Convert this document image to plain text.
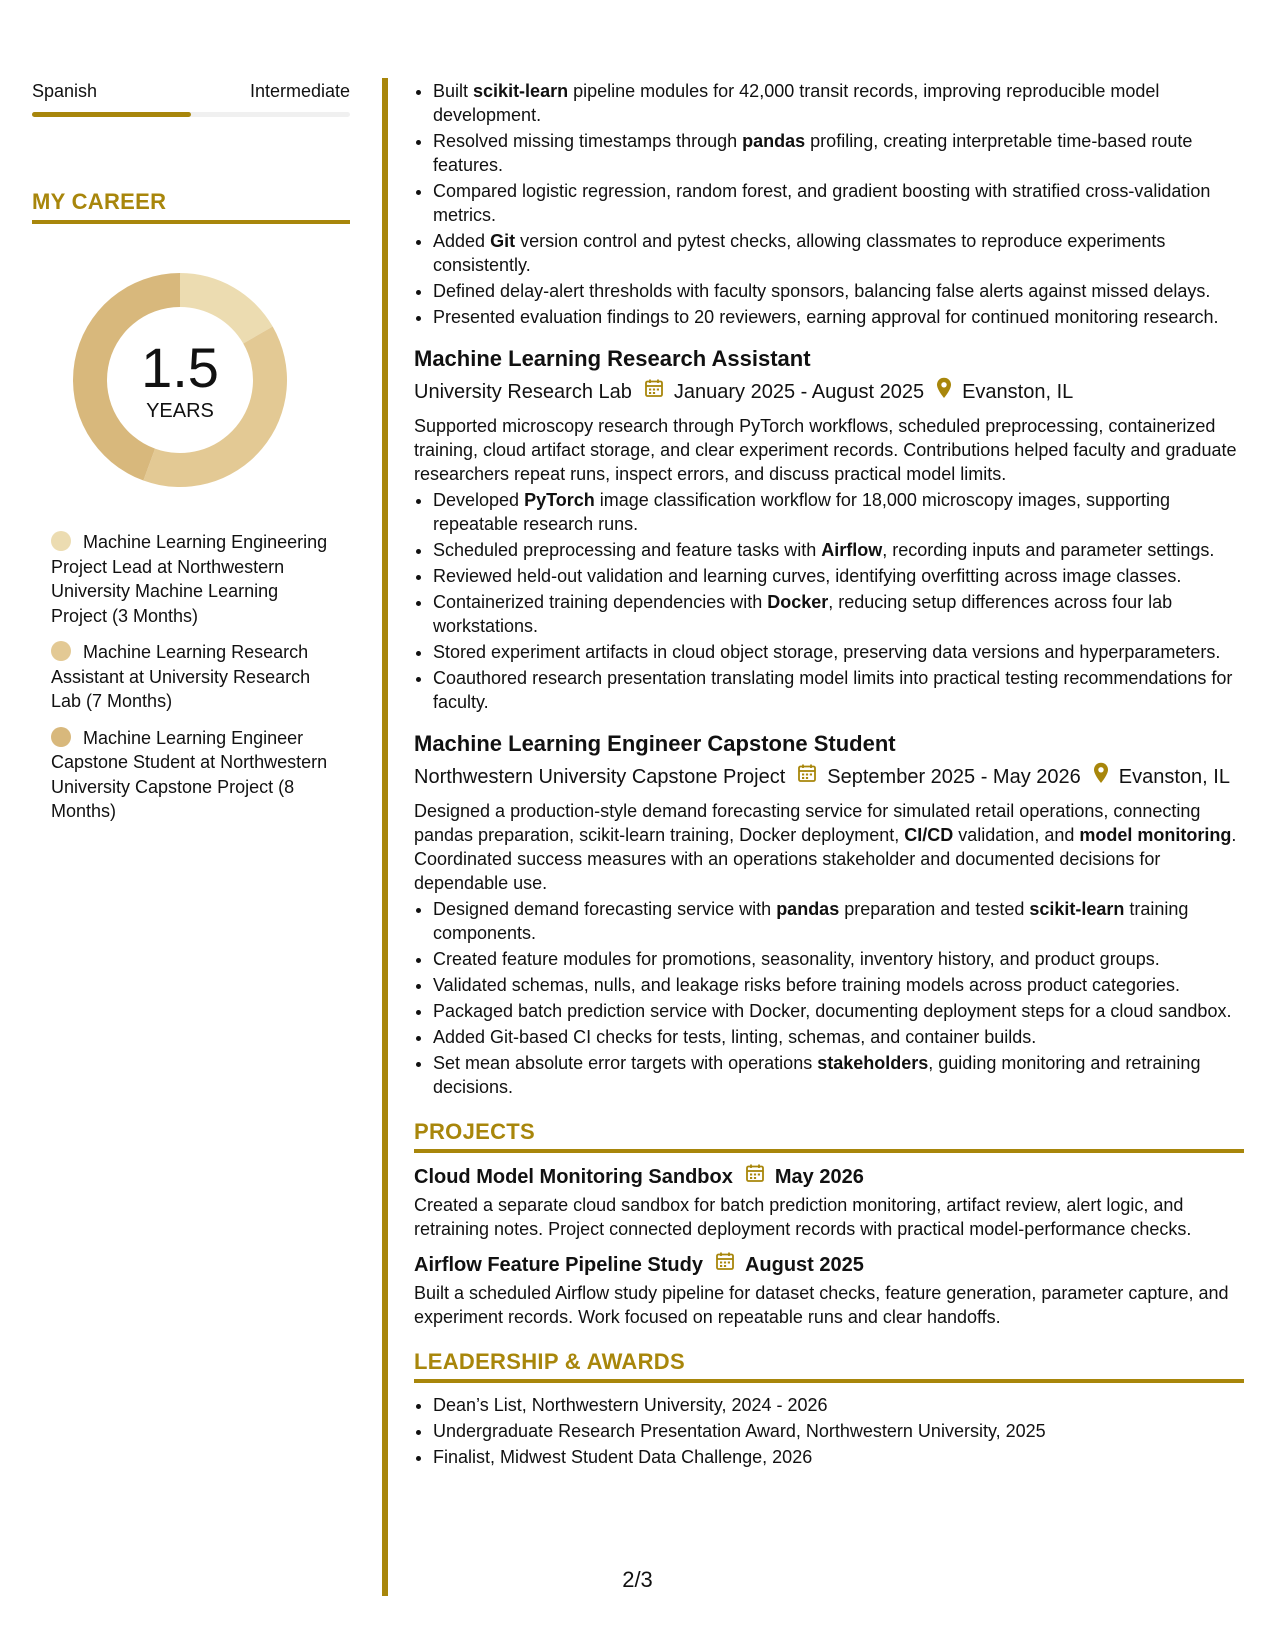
Spanish	Intermediate
MY CAREER
1.5
YEARS
Machine Learning Engineering Project Lead at Northwestern University Machine Learning Project (3 Months)
Machine Learning Research Assistant at University Research Lab (7 Months)
Machine Learning Engineer Capstone Student at Northwestern University Capstone Project (8 Months)
• Built scikit-learn pipeline modules for 42,000 transit records, improving reproducible model development.
• Resolved missing timestamps through pandas profiling, creating interpretable time-based route features.
• Compared logistic regression, random forest, and gradient boosting with stratified cross-validation metrics.
• Added Git version control and pytest checks, allowing classmates to reproduce experiments consistently.
• Defined delay-alert thresholds with faculty sponsors, balancing false alerts against missed delays.
• Presented evaluation findings to 20 reviewers, earning approval for continued monitoring research.
Machine Learning Research Assistant
University Research Lab January 2025 - August 2025 Evanston, IL
Supported microscopy research through PyTorch workflows, scheduled preprocessing, containerized training, cloud artifact storage, and clear experiment records. Contributions helped faculty and graduate researchers repeat runs, inspect errors, and discuss practical model limits.
• Developed PyTorch image classification workflow for 18,000 microscopy images, supporting repeatable research runs.
• Scheduled preprocessing and feature tasks with Airflow, recording inputs and parameter settings.
• Reviewed held-out validation and learning curves, identifying overfitting across image classes.
• Containerized training dependencies with Docker, reducing setup differences across four lab workstations.
• Stored experiment artifacts in cloud object storage, preserving data versions and hyperparameters.
• Coauthored research presentation translating model limits into practical testing recommendations for faculty.
Machine Learning Engineer Capstone Student
Northwestern University Capstone Project September 2025 - May 2026 Evanston, IL
Designed a production-style demand forecasting service for simulated retail operations, connecting pandas preparation, scikit-learn training, Docker deployment, CI/CD validation, and model monitoring. Coordinated success measures with an operations stakeholder and documented decisions for dependable use.
• Designed demand forecasting service with pandas preparation and tested scikit-learn training components.
• Created feature modules for promotions, seasonality, inventory history, and product groups.
• Validated schemas, nulls, and leakage risks before training models across product categories.
• Packaged batch prediction service with Docker, documenting deployment steps for a cloud sandbox.
• Added Git-based CI checks for tests, linting, schemas, and container builds.
• Set mean absolute error targets with operations stakeholders, guiding monitoring and retraining decisions.
PROJECTS
Cloud Model Monitoring Sandbox May 2026
Created a separate cloud sandbox for batch prediction monitoring, artifact review, alert logic, and retraining notes. Project connected deployment records with practical model-performance checks.
Airflow Feature Pipeline Study August 2025
Built a scheduled Airflow study pipeline for dataset checks, feature generation, parameter capture, and experiment records. Work focused on repeatable runs and clear handoffs.
LEADERSHIP & AWARDS
• Dean’s List, Northwestern University, 2024 - 2026
• Undergraduate Research Presentation Award, Northwestern University, 2025
• Finalist, Midwest Student Data Challenge, 2026
2/3
